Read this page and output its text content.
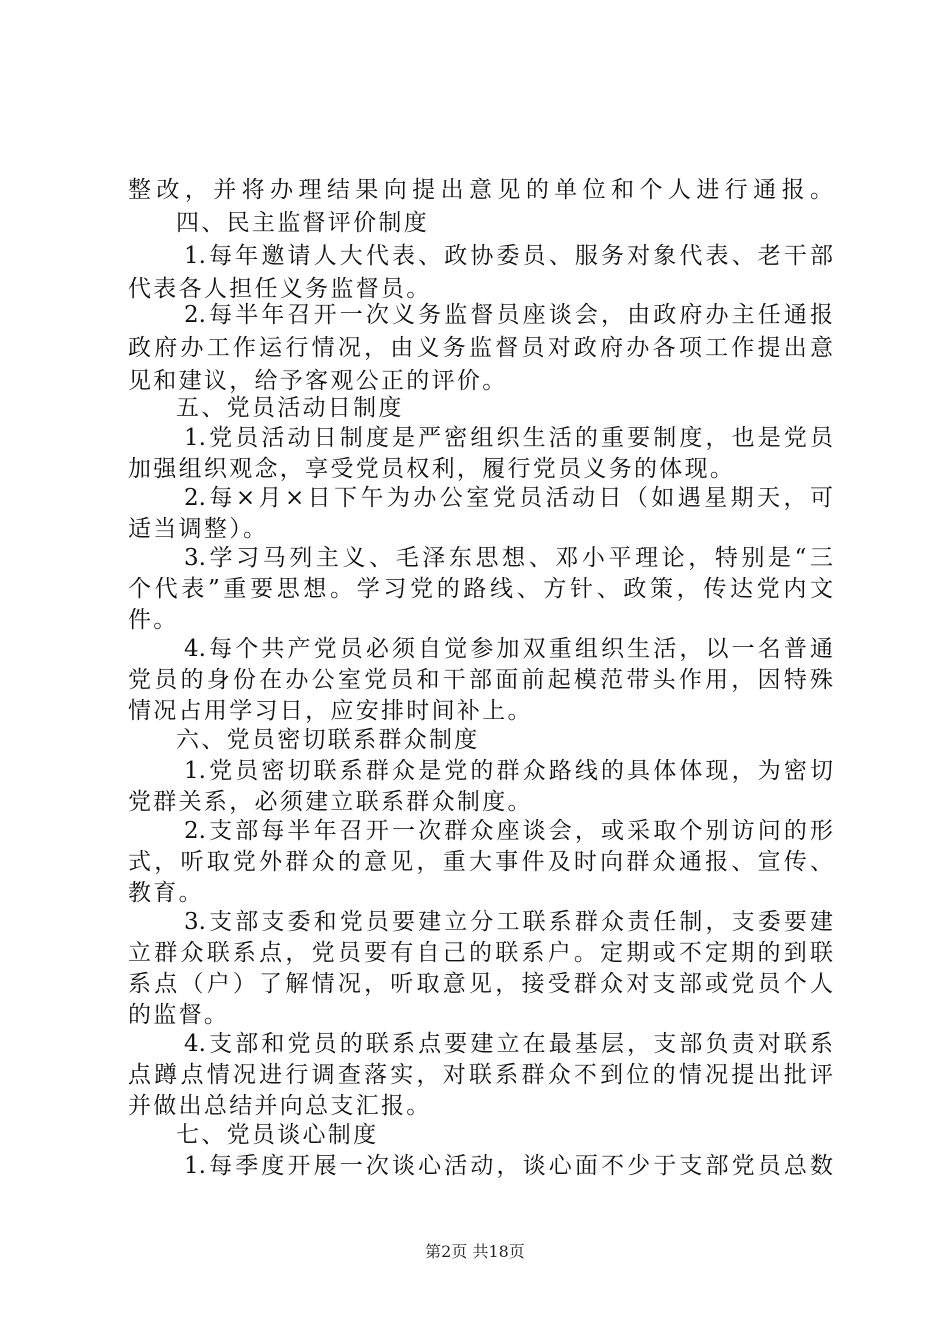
整改，并将办理结果向提出意见的单位和个人进行通报。
四、民主监督评价制度
1.每年邀请人大代表、政协委员、服务对象代表、老干部
代表各人担任义务监督员。
2.每半年召开一次义务监督员座谈会，由政府办主任通报
政府办工作运行情况，由义务监督员对政府办各项工作提出意
见和建议，给予客观公正的评价。
五、党员活动日制度
1.党员活动日制度是严密组织生活的重要制度，也是党员
加强组织观念，享受党员权利，履行党员义务的体现。
2.每×月×日下午为办公室党员活动日（如遇星期天，可
适当调整）。
3.学习马列主义、毛泽东思想、邓小平理论，特别是“三
个代表”重要思想。学习党的路线、方针、政策，传达党内文
件。
4.每个共产党员必须自觉参加双重组织生活，以一名普通
党员的身份在办公室党员和干部面前起模范带头作用，因特殊
情况占用学习日，应安排时间补上。
六、党员密切联系群众制度
1.党员密切联系群众是党的群众路线的具体体现，为密切
党群关系，必须建立联系群众制度。
2.支部每半年召开一次群众座谈会，或采取个别访问的形
式，听取党外群众的意见，重大事件及时向群众通报、宣传、
教育。
3.支部支委和党员要建立分工联系群众责任制，支委要建
立群众联系点，党员要有自己的联系户。定期或不定期的到联
系点（户）了解情况，听取意见，接受群众对支部或党员个人
的监督。
4.支部和党员的联系点要建立在最基层，支部负责对联系
点蹲点情况进行调查落实，对联系群众不到位的情况提出批评
并做出总结并向总支汇报。
七、党员谈心制度
1.每季度开展一次谈心活动，谈心面不少于支部党员总数
第2页 共18页
